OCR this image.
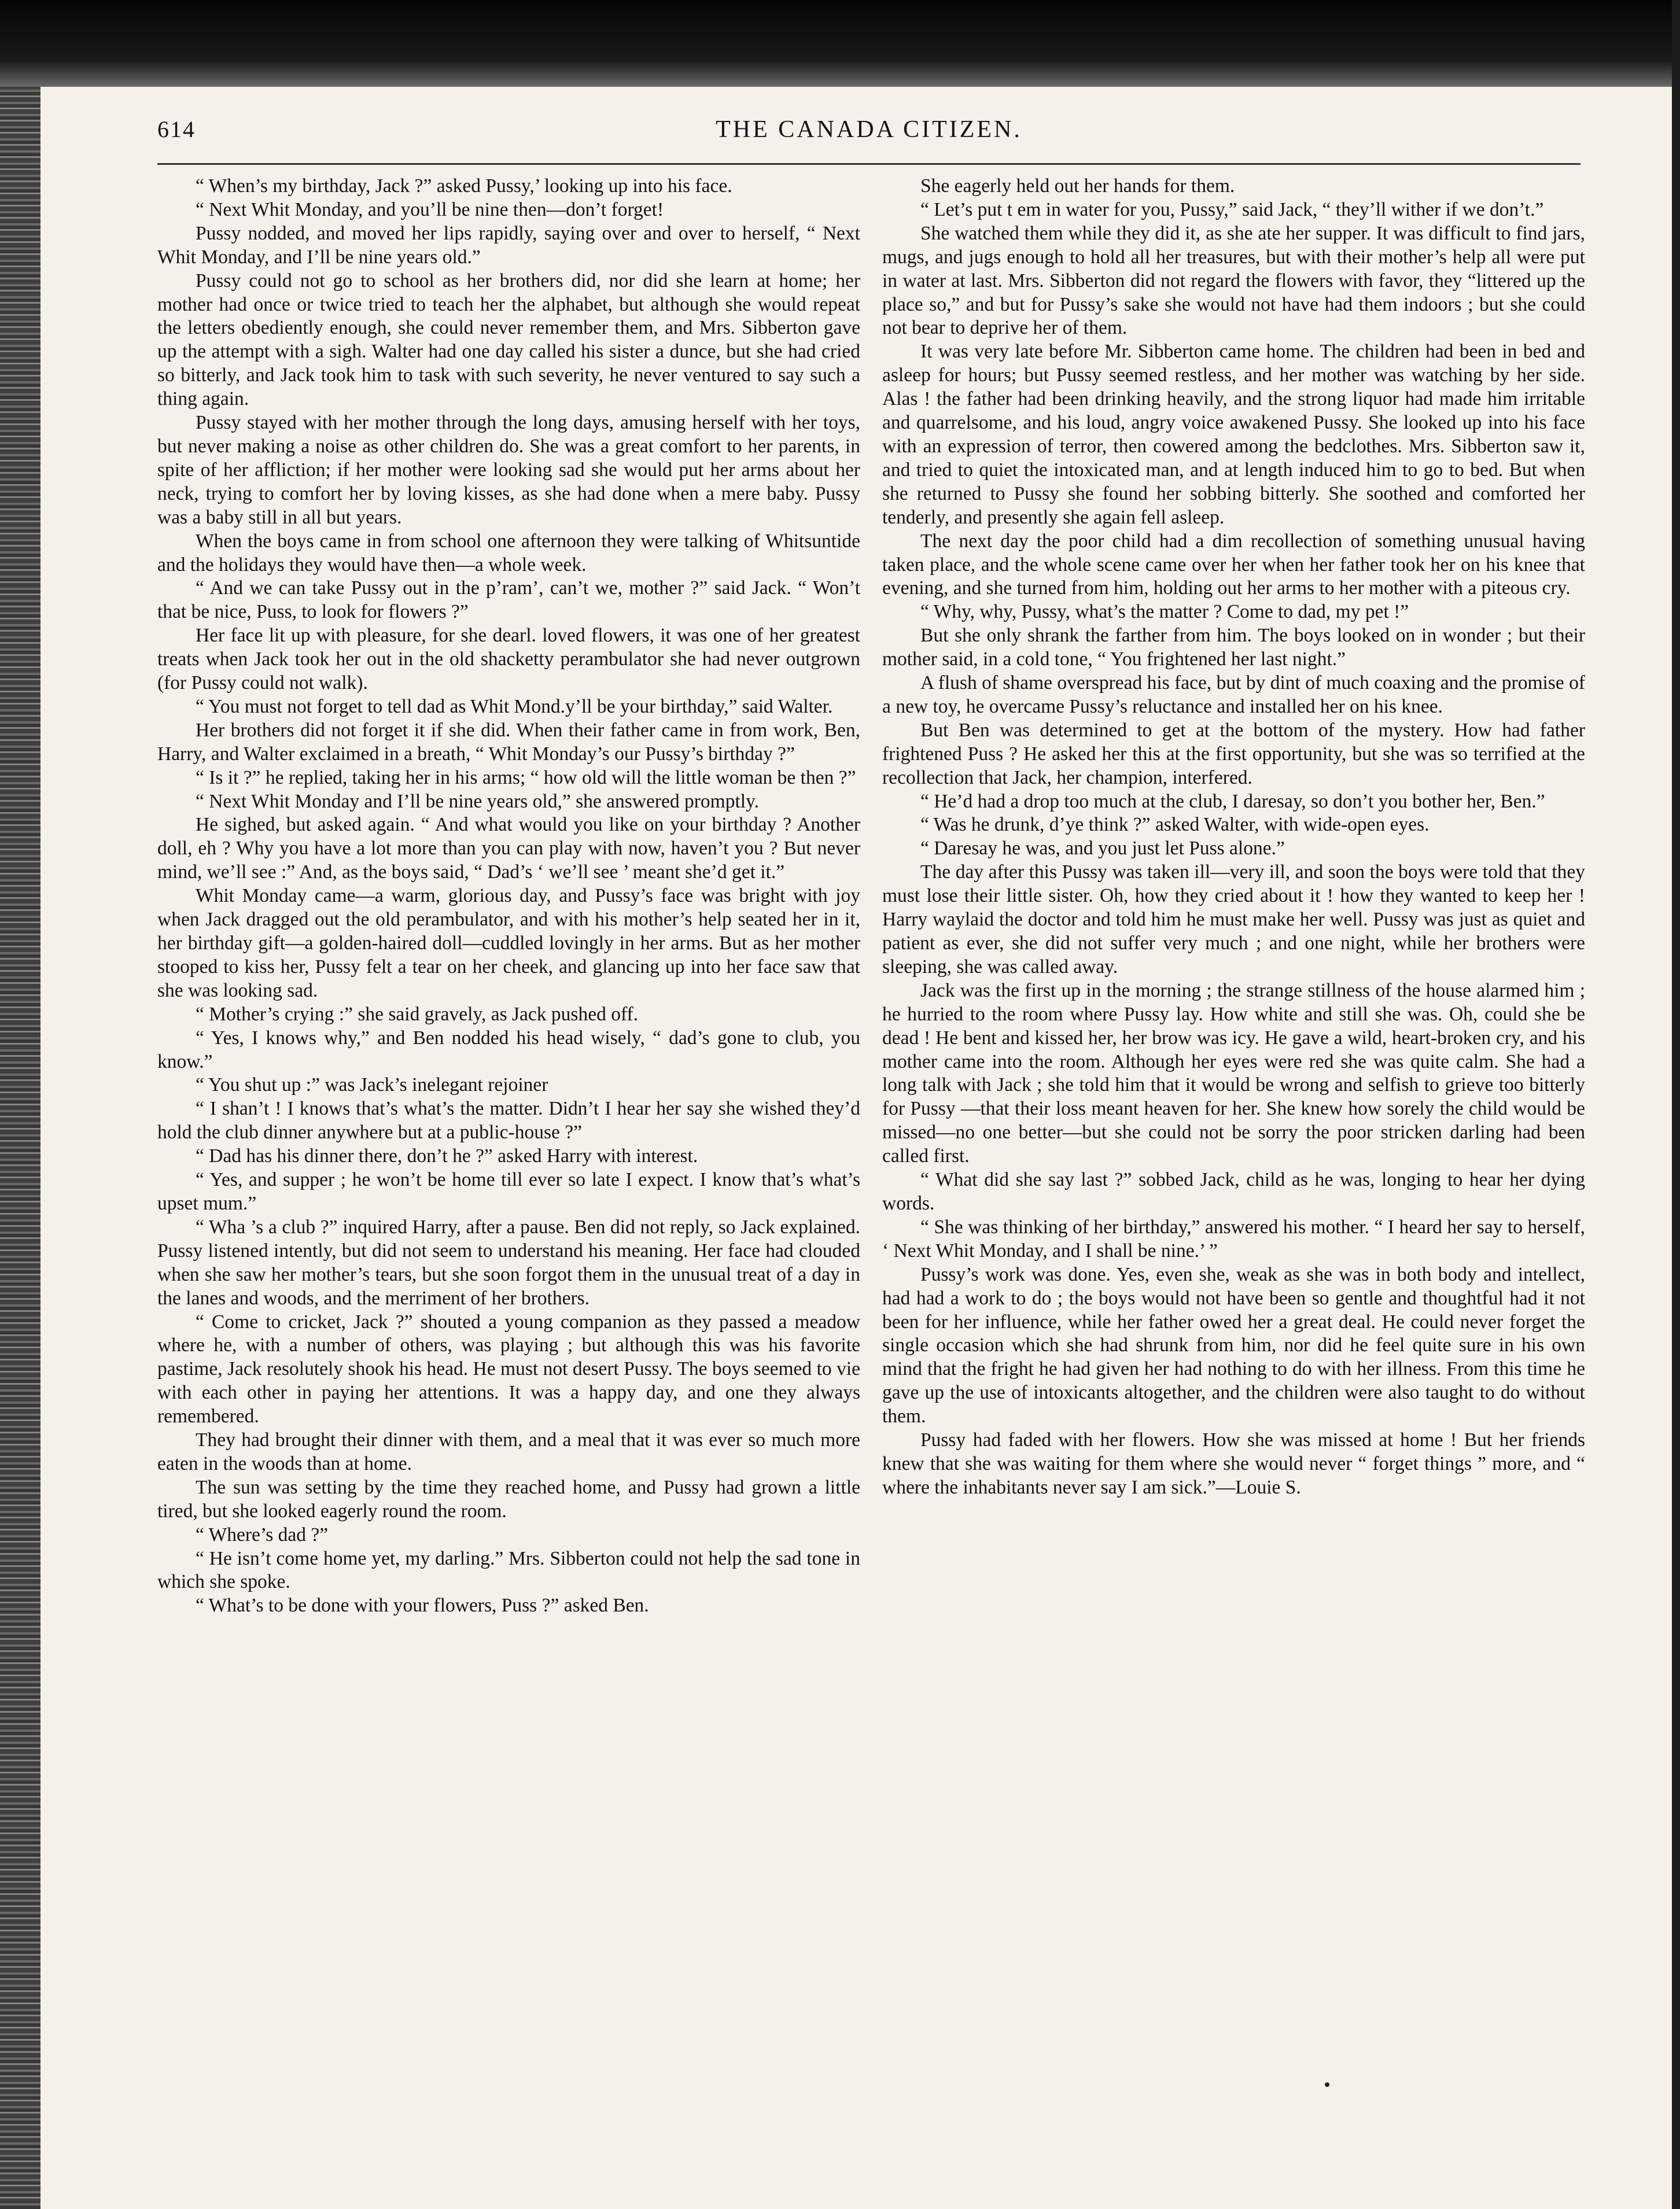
614	THE CANADA CITIZEN.

“ When’s my birthday, Jack ?” asked Pussy,’ looking up into his face.

“ Next Whit Monday, and you’ll be nine then—don’t forget!

Pussy nodded, and moved her lips rapidly, saying over and over to herself, “ Next Whit Monday, and I’ll be nine years old.”

Pussy could not go to school as her brothers did, nor did she learn at home; her mother had once or twice tried to teach her the alphabet, but although she would repeat the letters obediently enough, she could never remember them, and Mrs. Sibberton gave up the attempt with a sigh. Walter had one day called his sister a dunce, but she had cried so bitterly, and Jack took him to task with such severity, he never ventured to say such a thing again.

Pussy stayed with her mother through the long days, amusing herself with her toys, but never making a noise as other children do. She was a great comfort to her parents, in spite of her affliction; if her mother were looking sad she would put her arms about her neck, trying to comfort her by loving kisses, as she had done when a mere baby. Pussy was a baby still in all but years.

When the boys came in from school one afternoon they were talking of Whitsuntide and the holidays they would have then—a whole week.

“ And we can take Pussy out in the p’ram’, can’t we, mother ?” said Jack. “ Won’t that be nice, Puss, to look for flowers ?”

Her face lit up with pleasure, for she dearl. loved flowers, it was one of her greatest treats when Jack took her out in the old shacketty perambulator she had never outgrown (for Pussy could not walk).

“ You must not forget to tell dad as Whit Mond.y’ll be your birthday,” said Walter.

Her brothers did not forget it if she did. When their father came in from work, Ben, Harry, and Walter exclaimed in a breath, “ Whit Monday’s our Pussy’s birthday ?”

“ Is it ?” he replied, taking her in his arms; “ how old will the little woman be then ?”

“ Next Whit Monday and I’ll be nine years old,” she answered promptly.

He sighed, but asked again. “ And what would you like on your birthday ? Another doll, eh ? Why you have a lot more than you can play with now, haven’t you ? But never mind, we’ll see :” And, as the boys said, “ Dad’s ‘ we’ll see ’ meant she’d get it.”

Whit Monday came—a warm, glorious day, and Pussy’s face was bright with joy when Jack dragged out the old perambulator, and with his mother’s help seated her in it, her birthday gift—a golden-haired doll—cuddled lovingly in her arms. But as her mother stooped to kiss her, Pussy felt a tear on her cheek, and glancing up into her face saw that she was looking sad.

“ Mother’s crying :” she said gravely, as Jack pushed off.

“ Yes, I knows why,” and Ben nodded his head wisely, “ dad’s gone to club, you know.”

“ You shut up :” was Jack’s inelegant rejoiner

“ I shan’t ! I knows that’s what’s the matter. Didn’t I hear her say she wished they’d hold the club dinner anywhere but at a public-house ?”

“ Dad has his dinner there, don’t he ?” asked Harry with interest.

“ Yes, and supper ; he won’t be home till ever so late I expect. I know that’s what’s upset mum.”

“ Wha ’s a club ?” inquired Harry, after a pause. Ben did not reply, so Jack explained. Pussy listened intently, but did not seem to understand his meaning. Her face had clouded when she saw her mother’s tears, but she soon forgot them in the unusual treat of a day in the lanes and woods, and the merriment of her brothers.

“ Come to cricket, Jack ?” shouted a young companion as they passed a meadow where he, with a number of others, was playing ; but although this was his favorite pastime, Jack resolutely shook his head. He must not desert Pussy. The boys seemed to vie with each other in paying her attentions. It was a happy day, and one they always remembered.

They had brought their dinner with them, and a meal that it was ever so much more eaten in the woods than at home.

The sun was setting by the time they reached home, and Pussy had grown a little tired, but she looked eagerly round the room.

“ Where’s dad ?”

“ He isn’t come home yet, my darling.” Mrs. Sibberton could not help the sad tone in which she spoke.

“ What’s to be done with your flowers, Puss ?” asked Ben.

She eagerly held out her hands for them.

“ Let’s put t em in water for you, Pussy,” said Jack, “ they’ll wither if we don’t.”

She watched them while they did it, as she ate her supper. It was difficult to find jars, mugs, and jugs enough to hold all her treasures, but with their mother’s help all were put in water at last. Mrs. Sibberton did not regard the flowers with favor, they “littered up the place so,” and but for Pussy’s sake she would not have had them indoors ; but she could not bear to deprive her of them.

It was very late before Mr. Sibberton came home. The children had been in bed and asleep for hours; but Pussy seemed restless, and her mother was watching by her side. Alas ! the father had been drinking heavily, and the strong liquor had made him irritable and quarrelsome, and his loud, angry voice awakened Pussy. She looked up into his face with an expression of terror, then cowered among the bedclothes. Mrs. Sibberton saw it, and tried to quiet the intoxicated man, and at length induced him to go to bed. But when she returned to Pussy she found her sobbing bitterly. She soothed and comforted her tenderly, and presently she again fell asleep.

The next day the poor child had a dim recollection of something unusual having taken place, and the whole scene came over her when her father took her on his knee that evening, and she turned from him, holding out her arms to her mother with a piteous cry.

“ Why, why, Pussy, what’s the matter ? Come to dad, my pet !”

But she only shrank the farther from him. The boys looked on in wonder ; but their mother said, in a cold tone, “ You frightened her last night.”

A flush of shame overspread his face, but by dint of much coaxing and the promise of a new toy, he overcame Pussy’s reluctance and installed her on his knee.

But Ben was determined to get at the bottom of the mystery. How had father frightened Puss ? He asked her this at the first opportunity, but she was so terrified at the recollection that Jack, her champion, interfered.

“ He’d had a drop too much at the club, I daresay, so don’t you bother her, Ben.”

“ Was he drunk, d’ye think ?” asked Walter, with wide-open eyes.

“ Daresay he was, and you just let Puss alone.”

The day after this Pussy was taken ill—very ill, and soon the boys were told that they must lose their little sister. Oh, how they cried about it ! how they wanted to keep her ! Harry waylaid the doctor and told him he must make her well. Pussy was just as quiet and patient as ever, she did not suffer very much ; and one night, while her brothers were sleeping, she was called away.

Jack was the first up in the morning ; the strange stillness of the house alarmed him ; he hurried to the room where Pussy lay. How white and still she was. Oh, could she be dead ! He bent and kissed her, her brow was icy. He gave a wild, heart-broken cry, and his mother came into the room. Although her eyes were red she was quite calm. She had a long talk with Jack ; she told him that it would be wrong and selfish to grieve too bitterly for Pussy —that their loss meant heaven for her. She knew how sorely the child would be missed—no one better—but she could not be sorry the poor stricken darling had been called first.

“ What did she say last ?” sobbed Jack, child as he was, longing to hear her dying words.

“ She was thinking of her birthday,” answered his mother. “ I heard her say to herself, ‘ Next Whit Monday, and I shall be nine.’ ”

Pussy’s work was done. Yes, even she, weak as she was in both body and intellect, had had a work to do ; the boys would not have been so gentle and thoughtful had it not been for her influence, while her father owed her a great deal. He could never forget the single occasion which she had shrunk from him, nor did he feel quite sure in his own mind that the fright he had given her had nothing to do with her illness. From this time he gave up the use of intoxicants altogether, and the children were also taught to do without them.

Pussy had faded with her flowers. How she was missed at home ! But her friends knew that she was waiting for them where she would never “ forget things ” more, and “ where the inhabitants never say I am sick.”—Louie S.
